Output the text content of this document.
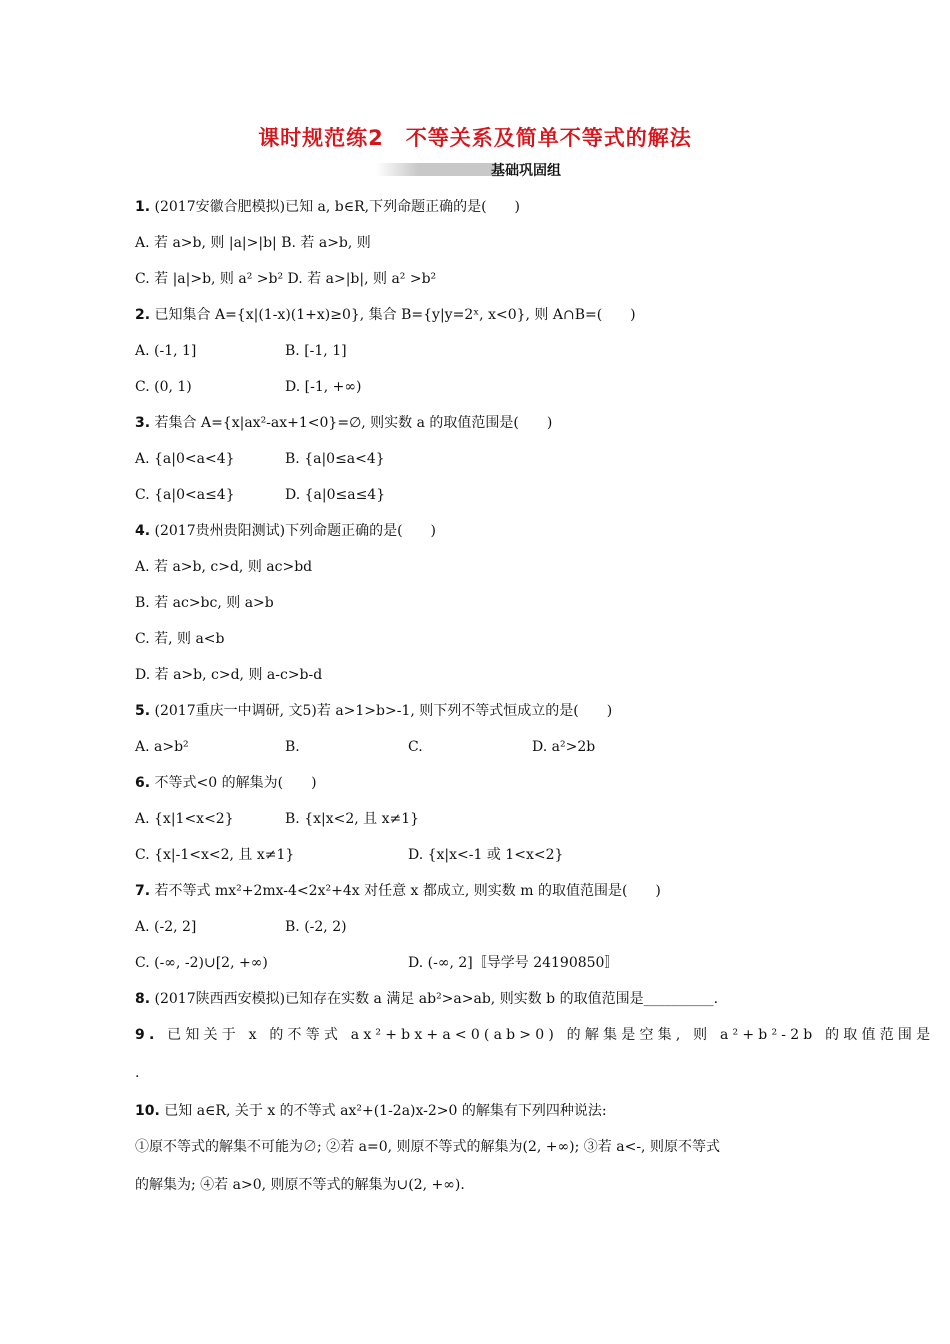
课时规范练2　不等关系及简单不等式的解法
基础巩固组
1. (2017安徽合肥模拟)已知 a, b∈R,下列命题正确的是(　　)
A. 若 a>b, 则 |a|>|b| B. 若 a>b, 则
C. 若 |a|>b, 则 a² >b² D. 若 a>|b|, 则 a² >b²
2. 已知集合 A={x|(1-x)(1+x)≥0}, 集合 B={y|y=2ˣ, x<0}, 则 A∩B=(　　)
A. (-1, 1]	B. [-1, 1]
C. (0, 1)	D. [-1, +∞)
3. 若集合 A={x|ax²-ax+1<0}=∅, 则实数 a 的取值范围是(　　)
A. {a|0<a<4}	B. {a|0≤a<4}
C. {a|0<a≤4}	D. {a|0≤a≤4}
4. (2017贵州贵阳测试)下列命题正确的是(　　)
A. 若 a>b, c>d, 则 ac>bd
B. 若 ac>bc, 则 a>b
C. 若, 则 a<b
D. 若 a>b, c>d, 则 a-c>b-d
5. (2017重庆一中调研, 文5)若 a>1>b>-1, 则下列不等式恒成立的是(　　)
A. a>b²	B.	C.	D. a²>2b
6. 不等式<0 的解集为(　　)
A. {x|1<x<2}	B. {x|x<2, 且 x≠1}
C. {x|-1<x<2, 且 x≠1}	D. {x|x<-1 或 1<x<2}
7. 若不等式 mx²+2mx-4<2x²+4x 对任意 x 都成立, 则实数 m 的取值范围是(　　)
A. (-2, 2]	B. (-2, 2)
C. (-∞, -2)∪[2, +∞)	D. (-∞, 2]〚导学号 24190850〛
8. (2017陕西西安模拟)已知存在实数 a 满足 ab²>a>ab, 则实数 b 的取值范围是__________.
9. 已知关于 x 的不等式 ax²+bx+a<0(ab>0) 的解集是空集, 则 a²+b²-2b 的取值范围是
.
10. 已知 a∈R, 关于 x 的不等式 ax²+(1-2a)x-2>0 的解集有下列四种说法:
①原不等式的解集不可能为∅; ②若 a=0, 则原不等式的解集为(2, +∞); ③若 a<-, 则原不等式
的解集为; ④若 a>0, 则原不等式的解集为∪(2, +∞).
